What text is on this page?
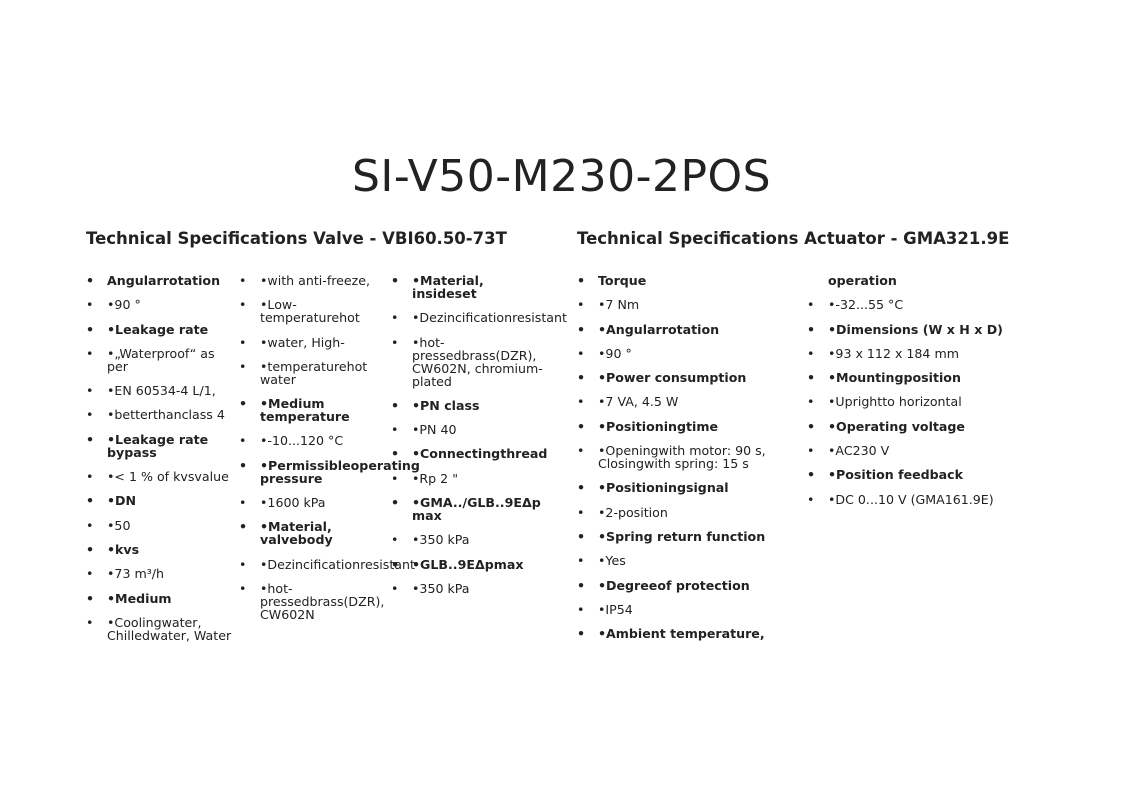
SI-V50-M230-2POS
Technical Specifications Valve - VBI60.50-73T	Technical Specifications Actuator - GMA321.9E
• Angularrotation
• •90 °
• •Leakage rate
• •„Waterproof“ as per
• •EN 60534-4 L/1,
• •betterthanclass 4
• •Leakage rate bypass
• •< 1 % of kvsvalue
• •DN
• •50
• •kvs
• •73 m³/h
• •Medium
• •Coolingwater, Chilledwater, Water
• •with anti-freeze,
• •Low-temperaturehot
• •water, High-
• •temperaturehot water
• •Medium temperature
• •-10...120 °C
• •Permissibleoperating pressure
• •1600 kPa
• •Material, valvebody
• •Dezincificationresistant
• •hot-pressedbrass(DZR), CW602N
• •Material, insideset
• •Dezincificationresistant
• •hot-pressedbrass(DZR), CW602N, chromium-plated
• •PN class
• •PN 40
• •Connectingthread
• •Rp 2 "
• •GMA../GLB..9EΔp max
• •350 kPa
• •GLB..9EΔpmax
• •350 kPa
• Torque
• •7 Nm
• •Angularrotation
• •90 °
• •Power consumption
• •7 VA, 4.5 W
• •Positioningtime
• •Openingwith motor: 90 s, Closingwith spring: 15 s
• •Positioningsignal
• •2-position
• •Spring return function
• •Yes
• •Degreeof protection
• •IP54
• •Ambient temperature,
operation
• •-32...55 °C
• •Dimensions (W x H x D)
• •93 x 112 x 184 mm
• •Mountingposition
• •Uprightto horizontal
• •Operating voltage
• •AC230 V
• •Position feedback
• •DC 0...10 V (GMA161.9E)
